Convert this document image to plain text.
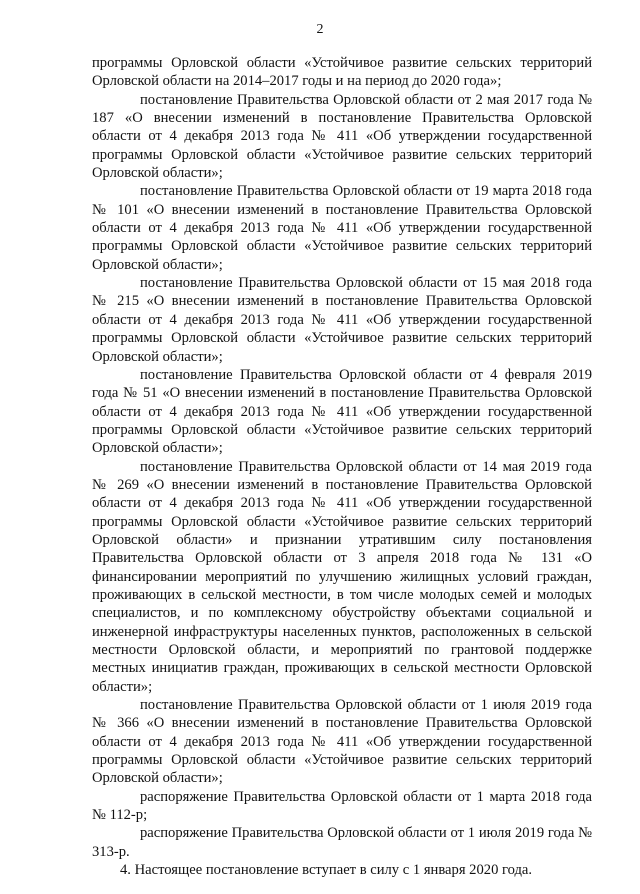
2

программы Орловской области «Устойчивое развитие сельских территорий Орловской области на 2014–2017 годы и на период до 2020 года»;

постановление Правительства Орловской области от 2 мая 2017 года № 187 «О внесении изменений в постановление Правительства Орловской области от 4 декабря 2013 года № 411 «Об утверждении государственной программы Орловской области «Устойчивое развитие сельских территорий Орловской области»;

постановление Правительства Орловской области от 19 марта 2018 года № 101 «О внесении изменений в постановление Правительства Орловской области от 4 декабря 2013 года № 411 «Об утверждении государственной программы Орловской области «Устойчивое развитие сельских территорий Орловской области»;

постановление Правительства Орловской области от 15 мая 2018 года № 215 «О внесении изменений в постановление Правительства Орловской области от 4 декабря 2013 года № 411 «Об утверждении государственной программы Орловской области «Устойчивое развитие сельских территорий Орловской области»;

постановление Правительства Орловской области от 4 февраля 2019 года № 51 «О внесении изменений в постановление Правительства Орловской области от 4 декабря 2013 года № 411 «Об утверждении государственной программы Орловской области «Устойчивое развитие сельских территорий Орловской области»;

постановление Правительства Орловской области от 14 мая 2019 года № 269 «О внесении изменений в постановление Правительства Орловской области от 4 декабря 2013 года № 411 «Об утверждении государственной программы Орловской области «Устойчивое развитие сельских территорий Орловской области» и признании утратившим силу постановления Правительства Орловской области от 3 апреля 2018 года № 131 «О финансировании мероприятий по улучшению жилищных условий граждан, проживающих в сельской местности, в том числе молодых семей и молодых специалистов, и по комплексному обустройству объектами социальной и инженерной инфраструктуры населенных пунктов, расположенных в сельской местности Орловской области, и мероприятий по грантовой поддержке местных инициатив граждан, проживающих в сельской местности Орловской области»;

постановление Правительства Орловской области от 1 июля 2019 года № 366 «О внесении изменений в постановление Правительства Орловской области от 4 декабря 2013 года № 411 «Об утверждении государственной программы Орловской области «Устойчивое развитие сельских территорий Орловской области»;

распоряжение Правительства Орловской области от 1 марта 2018 года № 112-р;

распоряжение Правительства Орловской области от 1 июля 2019 года № 313-р.

4. Настоящее постановление вступает в силу с 1 января 2020 года.
